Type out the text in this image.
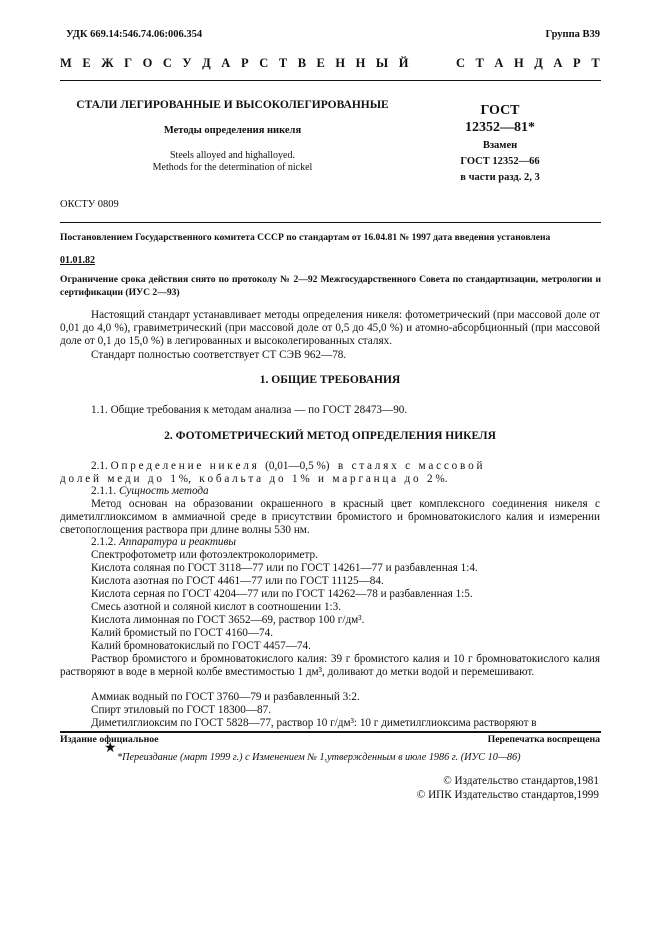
УДК 669.14:546.74.06:006.354	Группа В39
М Е Ж Г О С У Д А Р С Т В Е Н Н Ы Й	С Т А Н Д А Р Т
СТАЛИ ЛЕГИРОВАННЫЕ И ВЫСОКОЛЕГИРОВАННЫЕ
Методы определения никеля
Steels alloyed and highalloyed.
Methods for the determination of nickel
ГОСТ
12352—81*
Взамен
ГОСТ 12352—66
в части разд. 2, 3
ОКСТУ 0809
Постановлением Государственного комитета СССР по стандартам от 16.04.81 № 1997 дата введения установлена
01.01.82
Ограничение срока действия снято по протоколу № 2—92 Межгосударственного Совета по стандартизации, метрологии и сертификации (ИУС 2—93)
Настоящий стандарт устанавливает методы определения никеля: фотометрический (при массовой доле от 0,01 до 4,0 %), гравиметрический (при массовой доле от 0,5 до 45,0 %) и атомно-абсорбционный (при массовой доле от 0,1 до 15,0 %) в легированных и высоколегированных сталях.
Стандарт полностью соответствует СТ СЭВ 962—78.
1. ОБЩИЕ ТРЕБОВАНИЯ
1.1. Общие требования к методам анализа — по ГОСТ 28473—90.
2. ФОТОМЕТРИЧЕСКИЙ МЕТОД ОПРЕДЕЛЕНИЯ НИКЕЛЯ
2.1. О п р е д е л е н и е   н и к е л я   (0,01—0,5 %)   в   с т а л я х   с   м а с с о в о й
д о л е й   м е д и   д о   1 %,   к о б а л ь т а   д о   1 %   и   м а р г а н ц а   д о   2 %.
2.1.1. Сущность метода
Метод основан на образовании окрашенного в красный цвет комплексного соединения никеля с диметилглиоксимом в аммиачной среде в присутствии бромистого и бромноватокислого калия и измерении светопоглощения раствора при длине волны 530 нм.
2.1.2. Аппаратура и реактивы
Спектрофотометр или фотоэлектроколориметр.
Кислота соляная по ГОСТ 3118—77 или по ГОСТ 14261—77 и разбавленная 1:4.
Кислота азотная по ГОСТ 4461—77 или по ГОСТ 11125—84.
Кислота серная по ГОСТ 4204—77 или по ГОСТ 14262—78 и разбавленная 1:5.
Смесь азотной и соляной кислот в соотношении 1:3.
Кислота лимонная по ГОСТ 3652—69, раствор 100 г/дм³.
Калий бромистый по ГОСТ 4160—74.
Калий бромноватокислый по ГОСТ 4457—74.
Раствор бромистого и бромноватокислого калия: 39 г бромистого калия и 10 г бромноватокислого калия растворяют в воде в мерной колбе вместимостью 1 дм³, доливают до метки водой и перемешивают.
Аммиак водный по ГОСТ 3760—79 и разбавленный 3:2.
Спирт этиловый по ГОСТ 18300—87.
Диметилглиоксим по ГОСТ 5828—77, раствор 10 г/дм³: 10 г диметилглиоксима растворяют в
Издание официальное	Перепечатка воспрещена
★
*Переиздание (март 1999 г.) с Изменением № 1,утвержденным в июле 1986 г. (ИУС 10—86)
© Издательство стандартов,1981
© ИПК Издательство стандартов,1999
